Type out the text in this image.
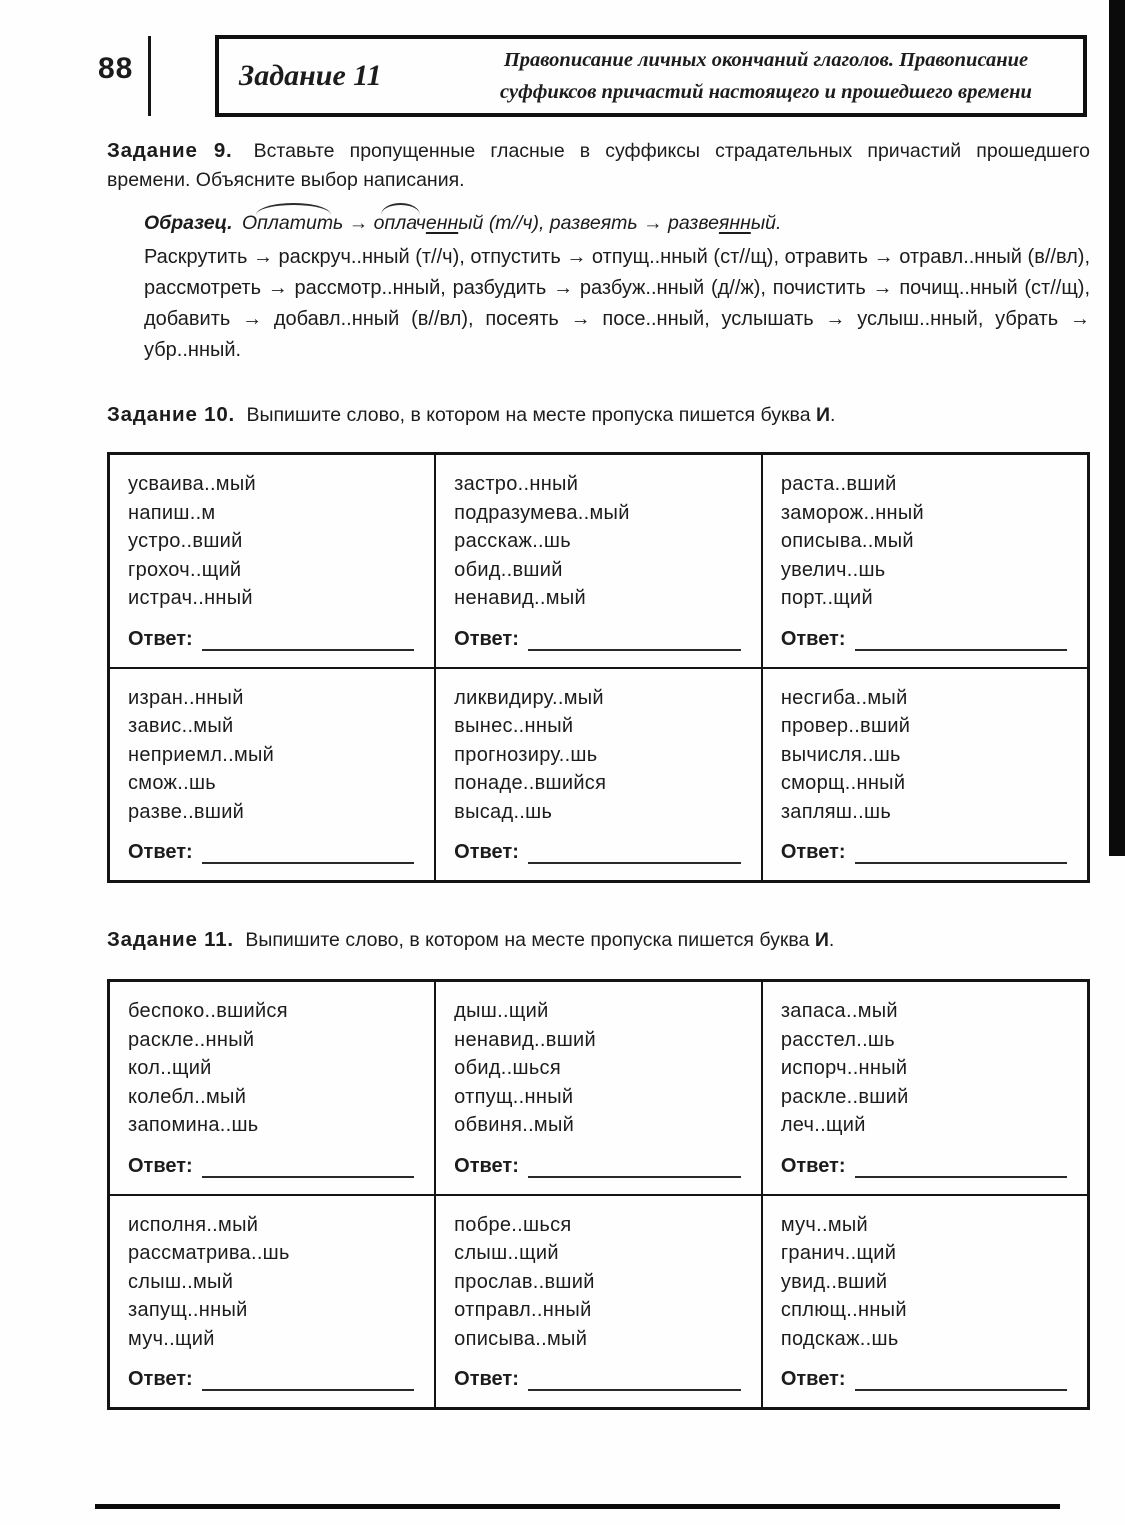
88	Задание 11	Правописание личных окончаний глаголов. Правописание
суффиксов причастий настоящего и прошедшего времени

Задание 9. Вставьте пропущенные гласные в суффиксы страдательных причастий прошедшего времени. Объясните выбор написания.

Образец. Оплатить → оплаченный (т//ч), развеять → развеянный.

Раскрутить → раскруч..нный (т//ч), отпустить → отпущ..нный (ст//щ), отравить → отравл..нный (в//вл), рассмотреть → рассмотр..нный, разбудить → разбуж..нный (д//ж), почистить → почищ..нный (ст//щ), добавить → добавл..нный (в//вл), посеять → посе..нный, услышать → услыш..нный, убрать → убр..нный.

Задание 10. Выпишите слово, в котором на месте пропуска пишется буква И.

усваива..мый
напиш..м
устро..вший
грохоч..щий
истрач..нный
Ответ:

застро..нный
подразумева..мый
расскаж..шь
обид..вший
ненавид..мый
Ответ:

раста..вший
заморож..нный
описыва..мый
увелич..шь
порт..щий
Ответ:

изран..нный
завис..мый
неприемл..мый
смож..шь
разве..вший
Ответ:

ликвидиру..мый
вынес..нный
прогнозиру..шь
понаде..вшийся
высад..шь
Ответ:

несгиба..мый
провер..вший
вычисля..шь
сморщ..нный
запляш..шь
Ответ:

Задание 11. Выпишите слово, в котором на месте пропуска пишется буква И.

беспоко..вшийся
раскле..нный
кол..щий
колебл..мый
запомина..шь
Ответ:

дыш..щий
ненавид..вший
обид..шься
отпущ..нный
обвиня..мый
Ответ:

запаса..мый
расстел..шь
испорч..нный
раскле..вший
леч..щий
Ответ:

исполня..мый
рассматрива..шь
слыш..мый
запущ..нный
муч..щий
Ответ:

побре..шься
слыш..щий
прослав..вший
отправл..нный
описыва..мый
Ответ:

муч..мый
гранич..щий
увид..вший
сплющ..нный
подскаж..шь
Ответ:
